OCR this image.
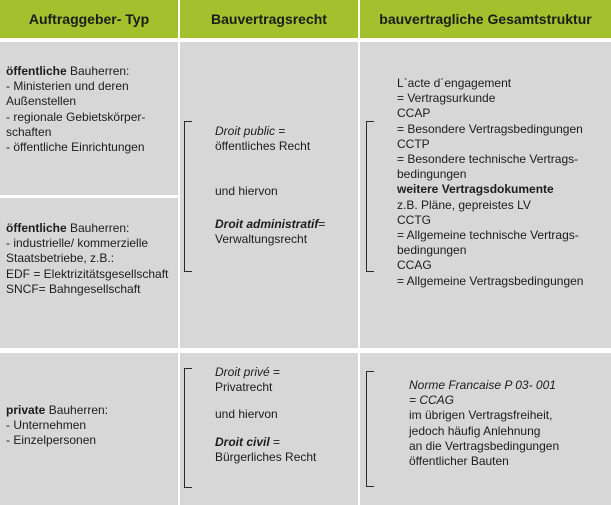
Auftraggeber- Typ	Bauvertragsrecht	bauvertragliche Gesamtstruktur
öffentliche Bauherren:
- Ministerien und deren
Außenstellen
- regionale Gebietskörper-
schaften
- öffentliche Einrichtungen
öffentliche Bauherren:
- industrielle/ kommerzielle
Staatsbetriebe, z.B.:
EDF = Elektrizitätsgesellschaft
SNCF= Bahngesellschaft
private Bauherren:
- Unternehmen
- Einzelpersonen
Droit public =
öffentliches Recht
und hiervon
Droit administratif=
Verwaltungsrecht
Droit privé =
Privatrecht
und hiervon
Droit civil =
Bürgerliches Recht
L`acte d´engagement
= Vertragsurkunde
CCAP
= Besondere Vertragsbedingungen
CCTP
= Besondere technische Vertrags-
bedingungen
weitere Vertragsdokumente
z.B. Pläne, gepreistes LV
CCTG
= Allgemeine technische Vertrags-
bedingungen
CCAG
= Allgemeine Vertragsbedingungen
Norme Francaise P 03- 001
= CCAG
im übrigen Vertragsfreiheit,
jedoch häufig Anlehnung
an die Vertragsbedingungen
öffentlicher Bauten
